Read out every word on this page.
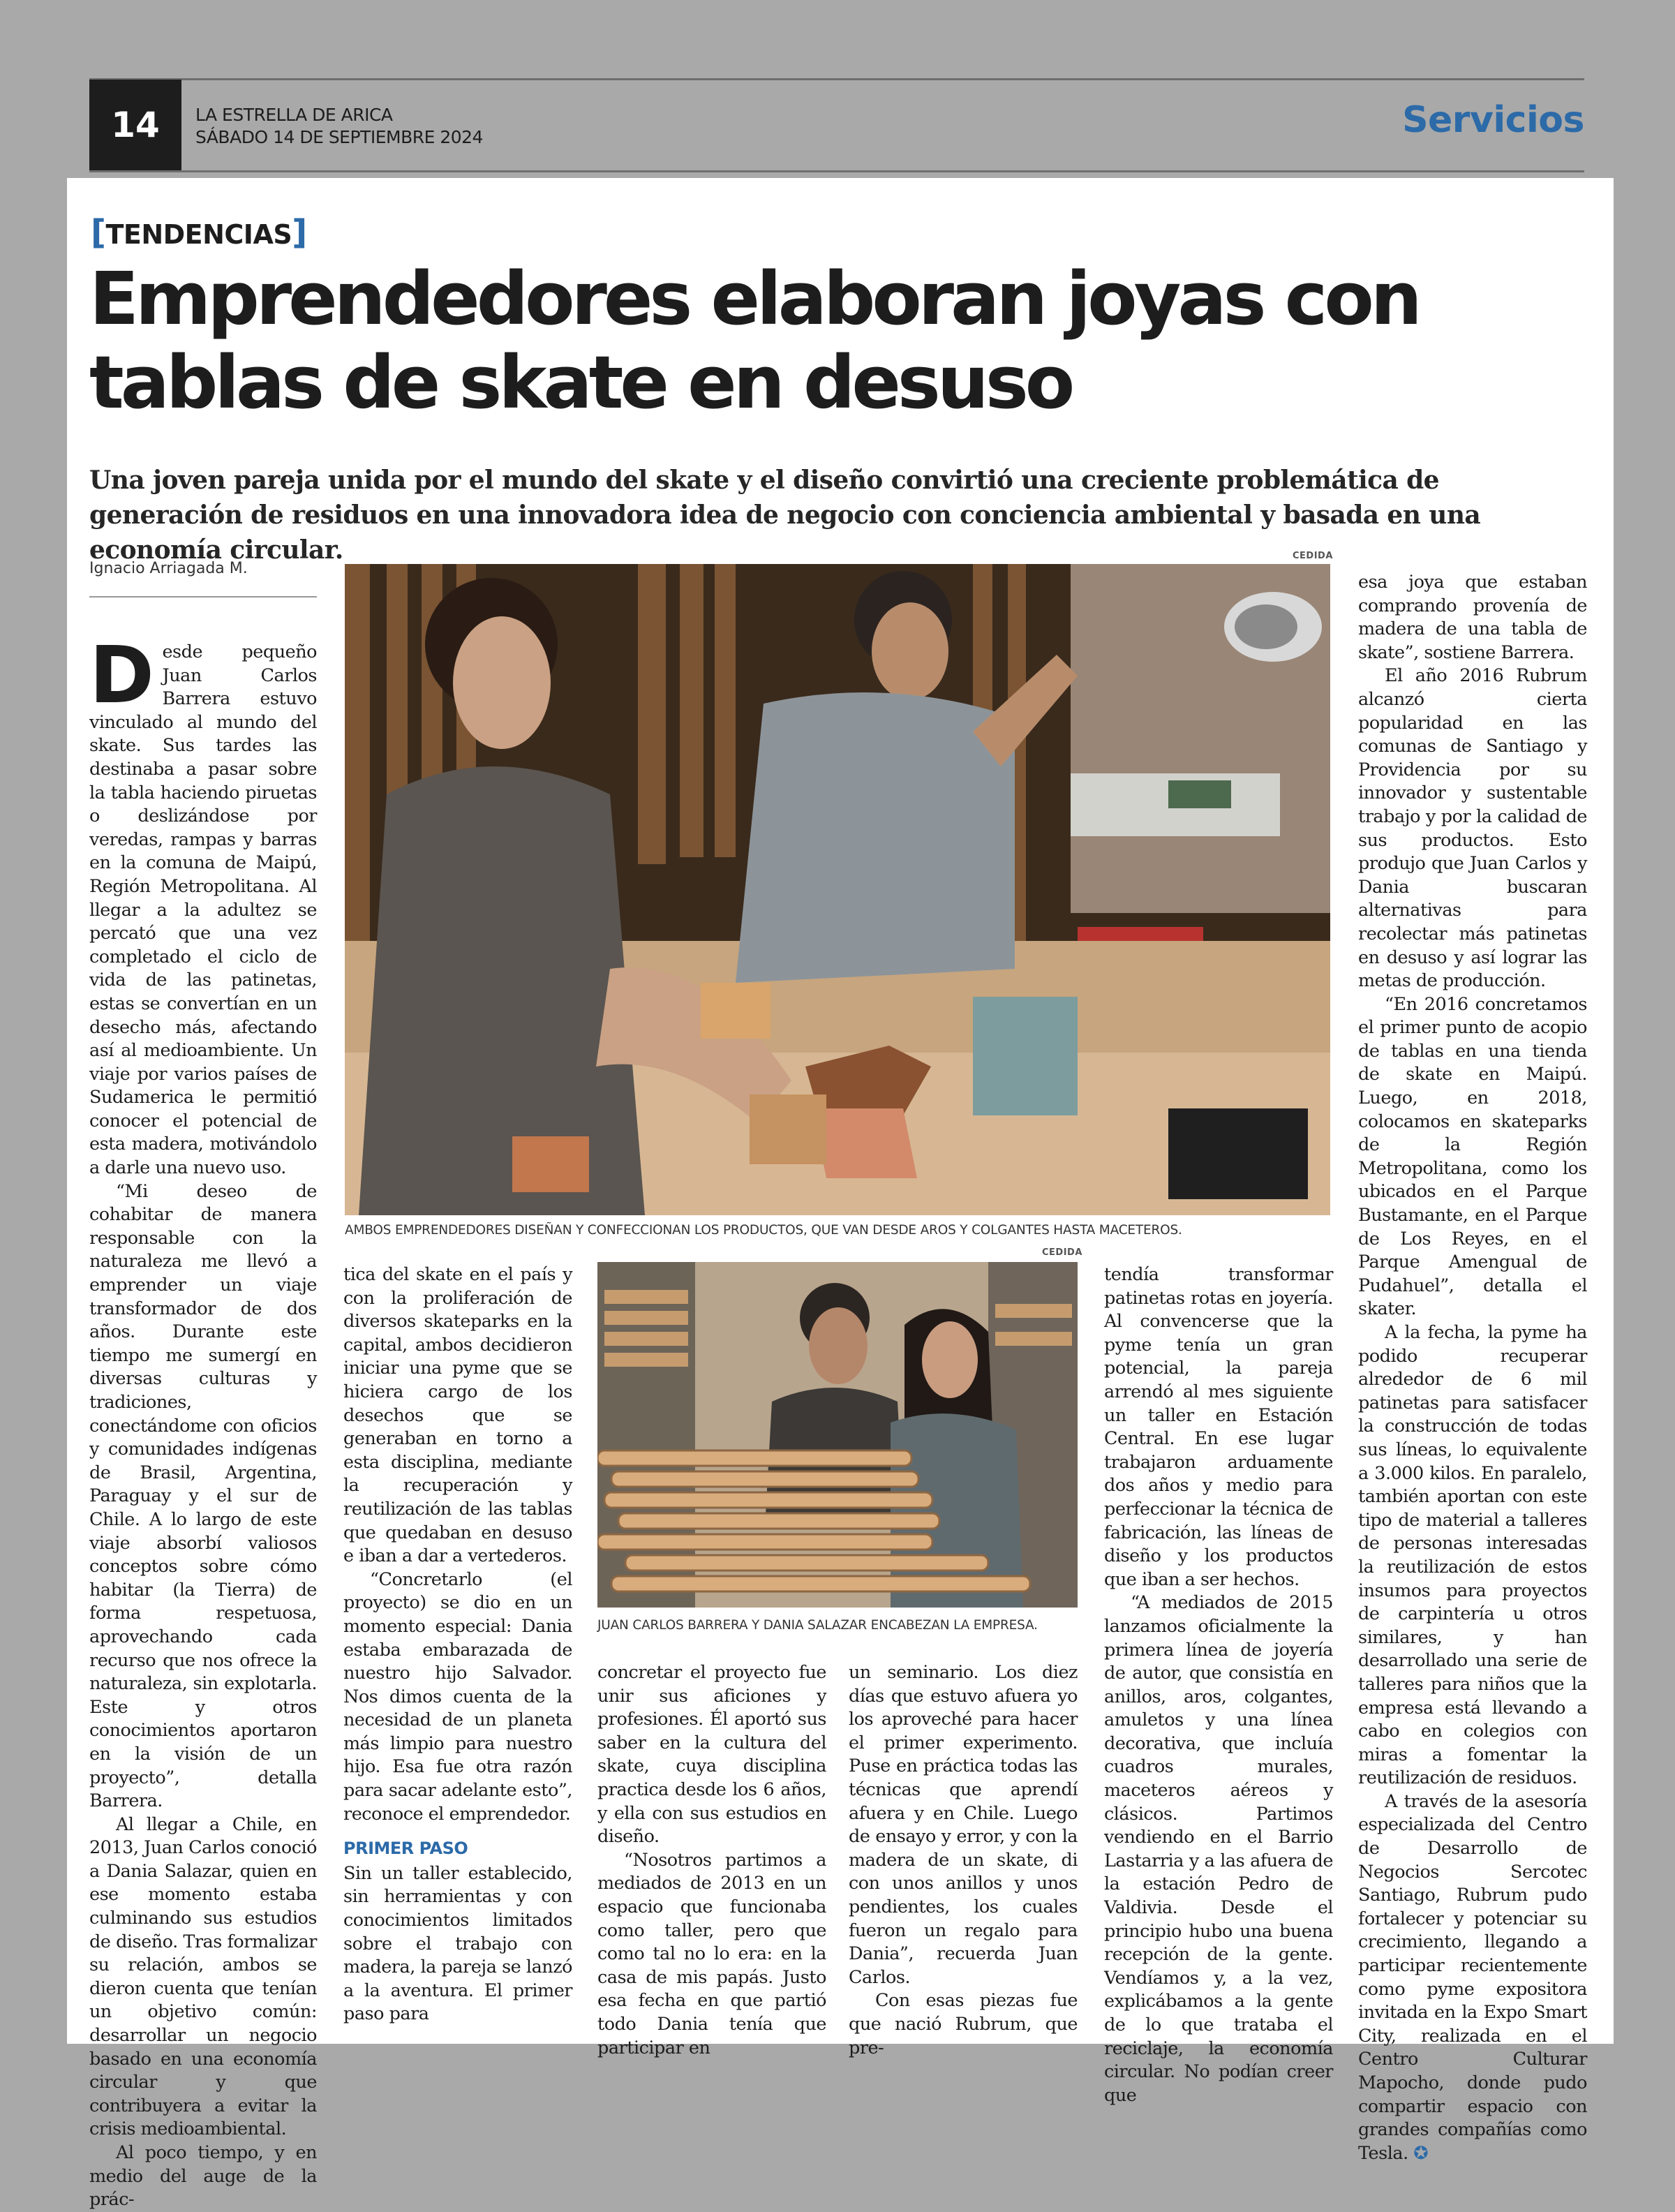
14	LA ESTRELLA DE ARICA
SÁBADO 14 DE SEPTIEMBRE 2024	Servicios
[TENDENCIAS]
Emprendedores elaboran joyas con tablas de skate en desuso

Una joven pareja unida por el mundo del skate y el diseño convirtió una creciente problemática de generación de residuos en una innovadora idea de negocio con conciencia ambiental y basada en una economía circular.

Ignacio Arriagada M.
CEDIDA
AMBOS EMPRENDEDORES DISEÑAN Y CONFECCIONAN LOS PRODUCTOS, QUE VAN DESDE AROS Y COLGANTES HASTA MACETEROS.
CEDIDA
JUAN CARLOS BARRERA Y DANIA SALAZAR ENCABEZAN LA EMPRESA.
D esde pequeño Juan Carlos Barrera estuvo vinculado al mundo del skate. Sus tardes las destinaba a pasar sobre la tabla haciendo piruetas o deslizándose por veredas, rampas y barras en la comuna de Maipú, Región Metropolitana. Al llegar a la adultez se percató que una vez completado el ciclo de vida de las patinetas, estas se convertían en un desecho más, afectando así al medioambiente. Un viaje por varios países de Sudamerica le permitió conocer el potencial de esta madera, motivándolo a darle una nuevo uso.

“Mi deseo de cohabitar de manera responsable con la naturaleza me llevó a emprender un viaje transformador de dos años. Durante este tiempo me sumergí en diversas culturas y tradiciones, conectándome con oficios y comunidades indígenas de Brasil, Argentina, Paraguay y el sur de Chile. A lo largo de este viaje absorbí valiosos conceptos sobre cómo habitar (la Tierra) de forma respetuosa, aprovechando cada recurso que nos ofrece la naturaleza, sin explotarla. Este y otros conocimientos aportaron en la visión de un proyecto”, detalla Barrera.

Al llegar a Chile, en 2013, Juan Carlos conoció a Dania Salazar, quien en ese momento estaba culminando sus estudios de diseño. Tras formalizar su relación, ambos se dieron cuenta que tenían un objetivo común: desarrollar un negocio basado en una economía circular y que contribuyera a evitar la crisis medioambiental.

Al poco tiempo, y en medio del auge de la prác-

tica del skate en el país y con la proliferación de diversos skateparks en la capital, ambos decidieron iniciar una pyme que se hiciera cargo de los desechos que se generaban en torno a esta disciplina, mediante la recuperación y reutilización de las tablas que quedaban en desuso e iban a dar a vertederos.

“Concretarlo (el proyecto) se dio en un momento especial: Dania estaba embarazada de nuestro hijo Salvador. Nos dimos cuenta de la necesidad de un planeta más limpio para nuestro hijo. Esa fue otra razón para sacar adelante esto”, reconoce el emprendedor.

PRIMER PASO

Sin un taller establecido, sin herramientas y con conocimientos limitados sobre el trabajo con madera, la pareja se lanzó a la aventura. El primer paso para

concretar el proyecto fue unir sus aficiones y profesiones. Él aportó sus saber en la cultura del skate, cuya disciplina practica desde los 6 años, y ella con sus estudios en diseño.

“Nosotros partimos a mediados de 2013 en un espacio que funcionaba como taller, pero que como tal no lo era: en la casa de mis papás. Justo esa fecha en que partió todo Dania tenía que participar en

un seminario. Los diez días que estuvo afuera yo los aproveché para hacer el primer experimento. Puse en práctica todas las técnicas que aprendí afuera y en Chile. Luego de ensayo y error, y con la madera de un skate, di con unos anillos y unos pendientes, los cuales fueron un regalo para Dania”, recuerda Juan Carlos.

Con esas piezas fue que nació Rubrum, que pre-

tendía transformar patinetas rotas en joyería. Al convencerse que la pyme tenía un gran potencial, la pareja arrendó al mes siguiente un taller en Estación Central. En ese lugar trabajaron arduamente dos años y medio para perfeccionar la técnica de fabricación, las líneas de diseño y los productos que iban a ser hechos.

“A mediados de 2015 lanzamos oficialmente la primera línea de joyería de autor, que consistía en anillos, aros, colgantes, amuletos y una línea decorativa, que incluía cuadros murales, maceteros aéreos y clásicos. Partimos vendiendo en el Barrio Lastarria y a las afuera de la estación Pedro de Valdivia. Desde el principio hubo una buena recepción de la gente. Vendíamos y, a la vez, explicábamos a la gente de lo que trataba el reciclaje, la economía circular. No podían creer que

esa joya que estaban comprando provenía de madera de una tabla de skate”, sostiene Barrera.

El año 2016 Rubrum alcanzó cierta popularidad en las comunas de Santiago y Providencia por su innovador y sustentable trabajo y por la calidad de sus productos. Esto produjo que Juan Carlos y Dania buscaran alternativas para recolectar más patinetas en desuso y así lograr las metas de producción.

“En 2016 concretamos el primer punto de acopio de tablas en una tienda de skate en Maipú. Luego, en 2018, colocamos en skateparks de la Región Metropolitana, como los ubicados en el Parque Bustamante, en el Parque de Los Reyes, en el Parque Amengual de Pudahuel”, detalla el skater.

A la fecha, la pyme ha podido recuperar alrededor de 6 mil patinetas para satisfacer la construcción de todas sus líneas, lo equivalente a 3.000 kilos. En paralelo, también aportan con este tipo de material a talleres de personas interesadas la reutilización de estos insumos para proyectos de carpintería u otros similares, y han desarrollado una serie de talleres para niños que la empresa está llevando a cabo en colegios con miras a fomentar la reutilización de residuos.

A través de la asesoría especializada del Centro de Desarrollo de Negocios Sercotec Santiago, Rubrum pudo fortalecer y potenciar su crecimiento, llegando a participar recientemente como pyme expositora invitada en la Expo Smart City, realizada en el Centro Culturar Mapocho, donde pudo compartir espacio con grandes compañías como Tesla. ✪
